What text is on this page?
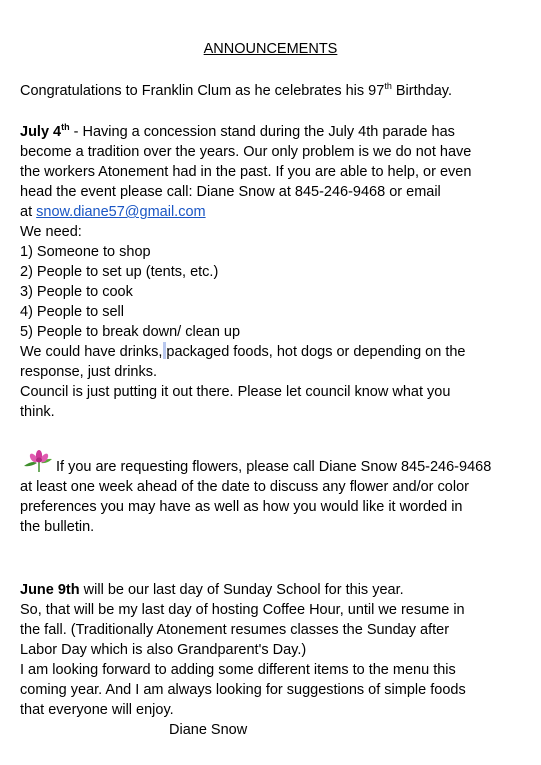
ANNOUNCEMENTS
Congratulations to Franklin Clum as he celebrates his 97th Birthday.
July 4th - Having a concession stand during the July 4th parade has
become a tradition over the years. Our only problem is we do not have
the workers Atonement had in the past. If you are able to help, or even
head the event please call: Diane Snow at 845-246-9468 or email
at snow.diane57@gmail.com
We need:
1) Someone to shop
2) People to set up (tents, etc.)
3) People to cook
4) People to sell
5) People to break down/ clean up
We could have drinks, packaged foods, hot dogs or depending on the
response, just drinks.
Council is just putting it out there. Please let council know what you
think.
If you are requesting flowers, please call Diane Snow 845-246-9468
at least one week ahead of the date to discuss any flower and/or color
preferences you may have as well as how you would like it worded in
the bulletin.
June 9th will be our last day of Sunday School for this year.
So, that will be my last day of hosting Coffee Hour, until we resume in
the fall. (Traditionally Atonement resumes classes the Sunday after
Labor Day which is also Grandparent's Day.)
I am looking forward to adding some different items to the menu this
coming year. And I am always looking for suggestions of simple foods
that everyone will enjoy.
Diane Snow
